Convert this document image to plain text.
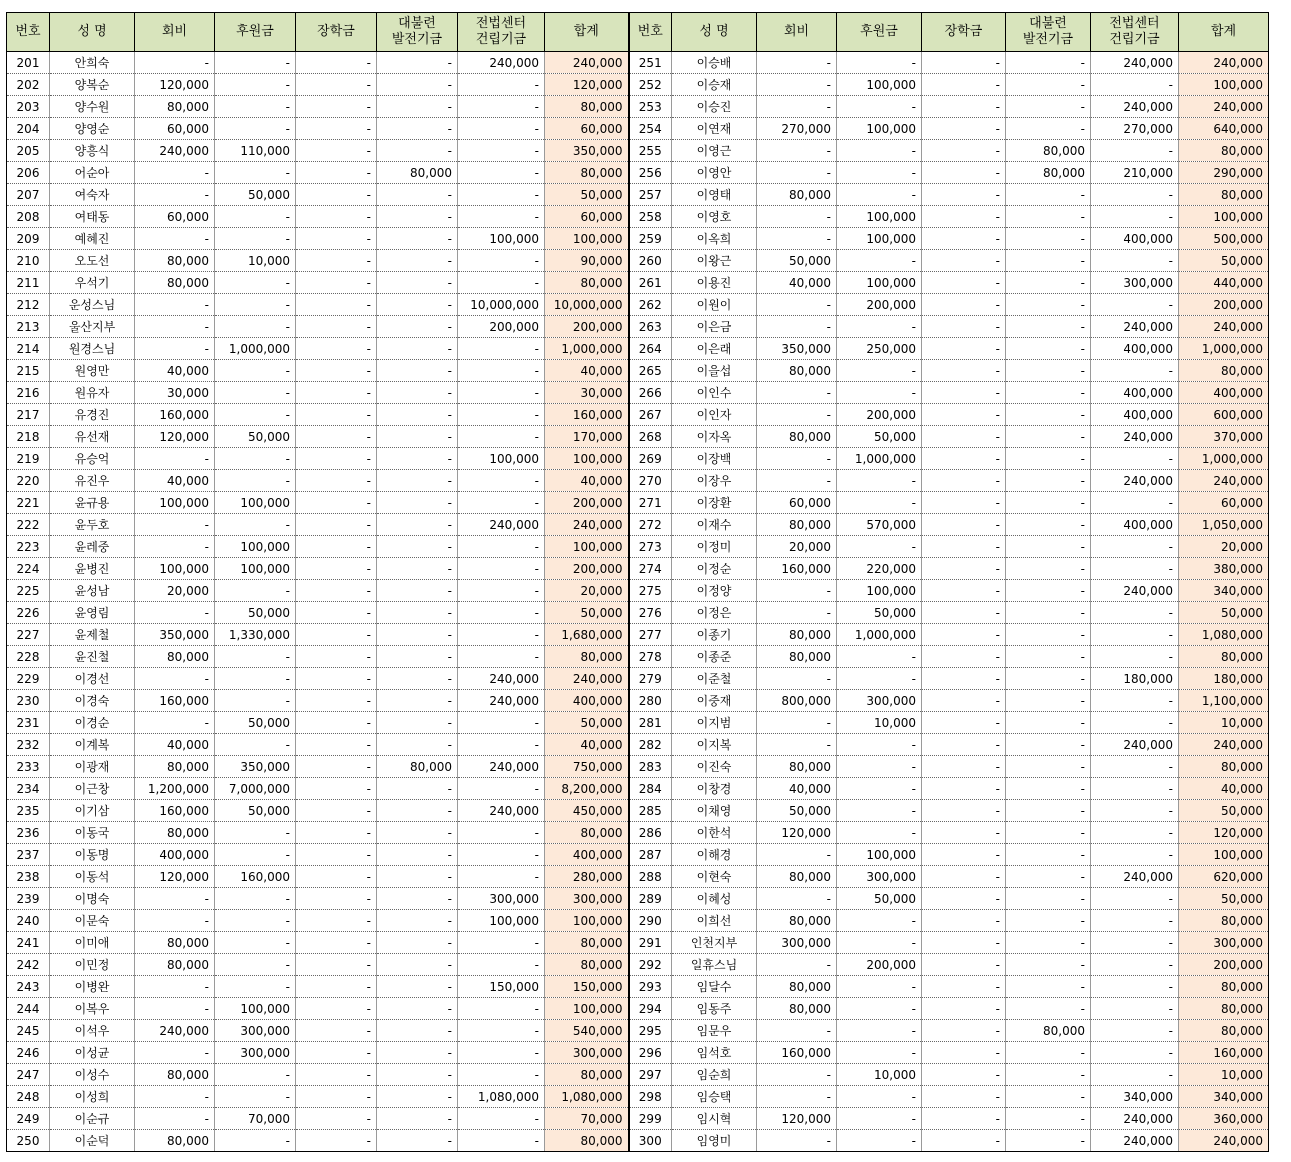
번호	성 명	회비	후원금	장학금	대불련
발전기금	전법센터
건립기금	합계	번호	성 명	회비	후원금	장학금	대불련
발전기금	전법센터
건립기금	합계
201	안희숙	-	-	-	-	240,000	240,000	251	이승배	-	-	-	-	240,000	240,000
202	양복순	120,000	-	-	-	-	120,000	252	이승재	-	100,000	-	-	-	100,000
203	양수원	80,000	-	-	-	-	80,000	253	이승진	-	-	-	-	240,000	240,000
204	양영순	60,000	-	-	-	-	60,000	254	이연재	270,000	100,000	-	-	270,000	640,000
205	양흥식	240,000	110,000	-	-	-	350,000	255	이영근	-	-	-	80,000	-	80,000
206	어순아	-	-	-	80,000	-	80,000	256	이영안	-	-	-	80,000	210,000	290,000
207	여숙자	-	50,000	-	-	-	50,000	257	이영태	80,000	-	-	-	-	80,000
208	여태동	60,000	-	-	-	-	60,000	258	이영호	-	100,000	-	-	-	100,000
209	예혜진	-	-	-	-	100,000	100,000	259	이옥희	-	100,000	-	-	400,000	500,000
210	오도선	80,000	10,000	-	-	-	90,000	260	이왕근	50,000	-	-	-	-	50,000
211	우석기	80,000	-	-	-	-	80,000	261	이용진	40,000	100,000	-	-	300,000	440,000
212	운성스님	-	-	-	-	10,000,000	10,000,000	262	이원이	-	200,000	-	-	-	200,000
213	울산지부	-	-	-	-	200,000	200,000	263	이은금	-	-	-	-	240,000	240,000
214	원경스님	-	1,000,000	-	-	-	1,000,000	264	이은래	350,000	250,000	-	-	400,000	1,000,000
215	원영만	40,000	-	-	-	-	40,000	265	이을섭	80,000	-	-	-	-	80,000
216	원유자	30,000	-	-	-	-	30,000	266	이인수	-	-	-	-	400,000	400,000
217	유경진	160,000	-	-	-	-	160,000	267	이인자	-	200,000	-	-	400,000	600,000
218	유선재	120,000	50,000	-	-	-	170,000	268	이자옥	80,000	50,000	-	-	240,000	370,000
219	유승억	-	-	-	-	100,000	100,000	269	이장백	-	1,000,000	-	-	-	1,000,000
220	유진우	40,000	-	-	-	-	40,000	270	이장우	-	-	-	-	240,000	240,000
221	윤규용	100,000	100,000	-	-	-	200,000	271	이장환	60,000	-	-	-	-	60,000
222	윤두호	-	-	-	-	240,000	240,000	272	이재수	80,000	570,000	-	-	400,000	1,050,000
223	윤레중	-	100,000	-	-	-	100,000	273	이정미	20,000	-	-	-	-	20,000
224	윤병진	100,000	100,000	-	-	-	200,000	274	이정순	160,000	220,000	-	-	-	380,000
225	윤성남	20,000	-	-	-	-	20,000	275	이정양	-	100,000	-	-	240,000	340,000
226	윤영림	-	50,000	-	-	-	50,000	276	이정은	-	50,000	-	-	-	50,000
227	윤제철	350,000	1,330,000	-	-	-	1,680,000	277	이종기	80,000	1,000,000	-	-	-	1,080,000
228	윤진철	80,000	-	-	-	-	80,000	278	이종준	80,000	-	-	-	-	80,000
229	이경선	-	-	-	-	240,000	240,000	279	이준철	-	-	-	-	180,000	180,000
230	이경숙	160,000	-	-	-	240,000	400,000	280	이중재	800,000	300,000	-	-	-	1,100,000
231	이경순	-	50,000	-	-	-	50,000	281	이지범	-	10,000	-	-	-	10,000
232	이계복	40,000	-	-	-	-	40,000	282	이지복	-	-	-	-	240,000	240,000
233	이광재	80,000	350,000	-	80,000	240,000	750,000	283	이진숙	80,000	-	-	-	-	80,000
234	이근창	1,200,000	7,000,000	-	-	-	8,200,000	284	이창경	40,000	-	-	-	-	40,000
235	이기삼	160,000	50,000	-	-	240,000	450,000	285	이채영	50,000	-	-	-	-	50,000
236	이동국	80,000	-	-	-	-	80,000	286	이한석	120,000	-	-	-	-	120,000
237	이동명	400,000	-	-	-	-	400,000	287	이해경	-	100,000	-	-	-	100,000
238	이동석	120,000	160,000	-	-	-	280,000	288	이현숙	80,000	300,000	-	-	240,000	620,000
239	이명숙	-	-	-	-	300,000	300,000	289	이혜성	-	50,000	-	-	-	50,000
240	이문숙	-	-	-	-	100,000	100,000	290	이희선	80,000	-	-	-	-	80,000
241	이미애	80,000	-	-	-	-	80,000	291	인천지부	300,000	-	-	-	-	300,000
242	이민정	80,000	-	-	-	-	80,000	292	일휴스님	-	200,000	-	-	-	200,000
243	이병완	-	-	-	-	150,000	150,000	293	임달수	80,000	-	-	-	-	80,000
244	이복우	-	100,000	-	-	-	100,000	294	임동주	80,000	-	-	-	-	80,000
245	이석우	240,000	300,000	-	-	-	540,000	295	임문우	-	-	-	80,000	-	80,000
246	이성균	-	300,000	-	-	-	300,000	296	임석호	160,000	-	-	-	-	160,000
247	이성수	80,000	-	-	-	-	80,000	297	임순희	-	10,000	-	-	-	10,000
248	이성희	-	-	-	-	1,080,000	1,080,000	298	임승택	-	-	-	-	340,000	340,000
249	이순규	-	70,000	-	-	-	70,000	299	임시혁	120,000	-	-	-	240,000	360,000
250	이순덕	80,000	-	-	-	-	80,000	300	임영미	-	-	-	-	240,000	240,000
